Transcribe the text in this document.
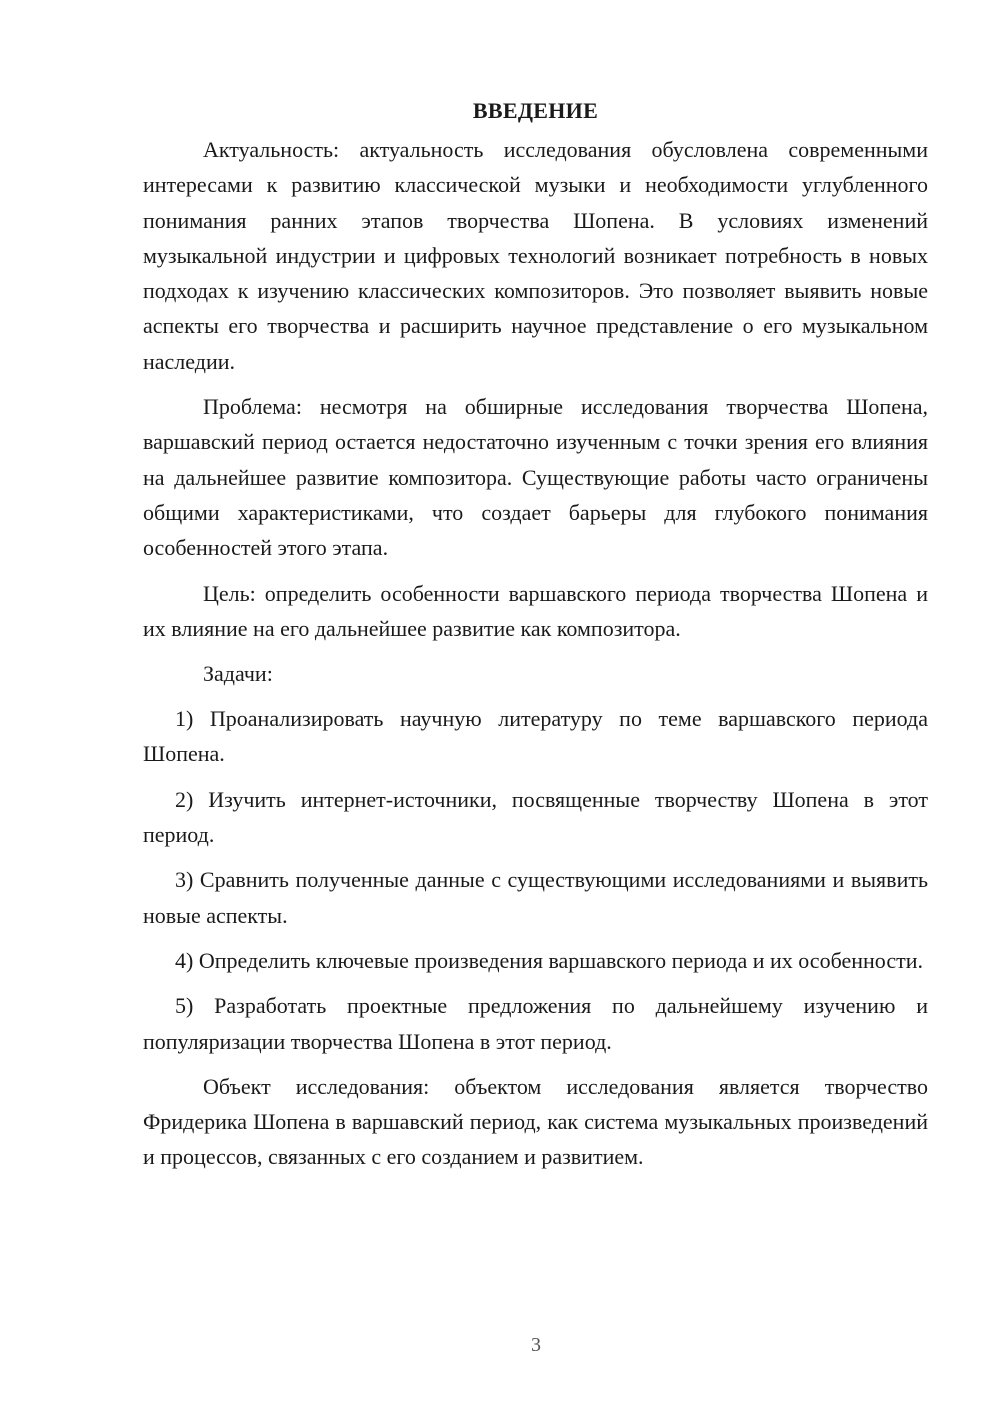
ВВЕДЕНИЕ

Актуальность: актуальность исследования обусловлена современными интересами к развитию классической музыки и необходимости углубленного понимания ранних этапов творчества Шопена. В условиях изменений музыкальной индустрии и цифровых технологий возникает потребность в новых подходах к изучению классических композиторов. Это позволяет выявить новые аспекты его творчества и расширить научное представление о его музыкальном наследии.

Проблема: несмотря на обширные исследования творчества Шопена, варшавский период остается недостаточно изученным с точки зрения его влияния на дальнейшее развитие композитора. Существующие работы часто ограничены общими характеристиками, что создает барьеры для глубокого понимания особенностей этого этапа.

Цель: определить особенности варшавского периода творчества Шопена и их влияние на его дальнейшее развитие как композитора.

Задачи:

1) Проанализировать научную литературу по теме варшавского периода Шопена.

2) Изучить интернет-источники, посвященные творчеству Шопена в этот период.

3) Сравнить полученные данные с существующими исследованиями и выявить новые аспекты.

4) Определить ключевые произведения варшавского периода и их особенности.

5) Разработать проектные предложения по дальнейшему изучению и популяризации творчества Шопена в этот период.

Объект исследования: объектом исследования является творчество Фридерика Шопена в варшавский период, как система музыкальных произведений и процессов, связанных с его созданием и развитием.

3
